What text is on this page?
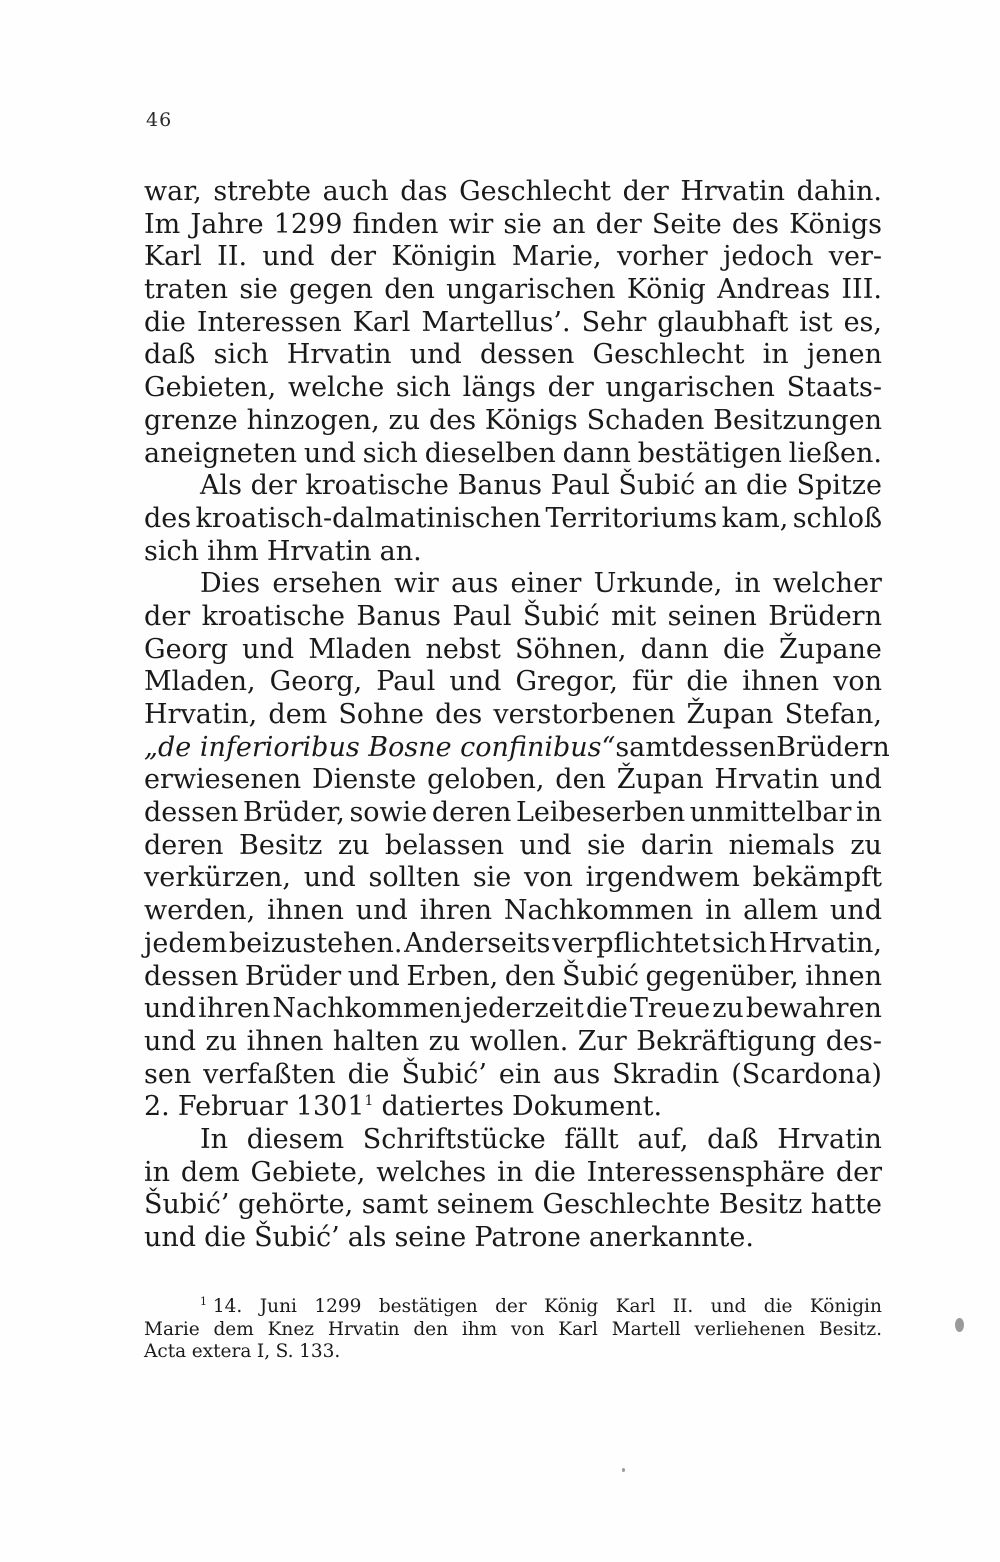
46
war, strebte auch das Geschlecht der Hrvatin dahin.
Im Jahre 1299 finden wir sie an der Seite des Königs
Karl II. und der Königin Marie, vorher jedoch ver-
traten sie gegen den ungarischen König Andreas III.
die Interessen Karl Martellus’. Sehr glaubhaft ist es,
daß sich Hrvatin und dessen Geschlecht in jenen
Gebieten, welche sich längs der ungarischen Staats-
grenze hinzogen, zu des Königs Schaden Besitzungen
aneigneten und sich dieselben dann bestätigen ließen.
Als der kroatische Banus Paul Šubić an die Spitze
des kroatisch-dalmatinischen Territoriums kam, schloß
sich ihm Hrvatin an.
Dies ersehen wir aus einer Urkunde, in welcher
der kroatische Banus Paul Šubić mit seinen Brüdern
Georg und Mladen nebst Söhnen, dann die Župane
Mladen, Georg, Paul und Gregor, für die ihnen von
Hrvatin, dem Sohne des verstorbenen Župan Stefan,
„de inferioribus Bosne confinibus“ samt dessen Brüdern
erwiesenen Dienste geloben, den Župan Hrvatin und
dessen Brüder, sowie deren Leibeserben unmittelbar in
deren Besitz zu belassen und sie darin niemals zu
verkürzen, und sollten sie von irgendwem bekämpft
werden, ihnen und ihren Nachkommen in allem und
jedem beizustehen. Anderseits verpflichtet sich Hrvatin,
dessen Brüder und Erben, den Šubić gegenüber, ihnen
und ihren Nachkommen jederzeit die Treue zu bewahren
und zu ihnen halten zu wollen. Zur Bekräftigung des-
sen verfaßten die Šubić’ ein aus Skradin (Scardona)
2. Februar 1301$^1$ datiertes Dokument.
In diesem Schriftstücke fällt auf, daß Hrvatin
in dem Gebiete, welches in die Interessensphäre der
Šubić’ gehörte, samt seinem Geschlechte Besitz hatte
und die Šubić’ als seine Patrone anerkannte.
$^1$ 14. Juni 1299 bestätigen der König Karl II. und die Königin
Marie dem Knez Hrvatin den ihm von Karl Martell verliehenen Besitz.
Acta extera I, S. 133.
